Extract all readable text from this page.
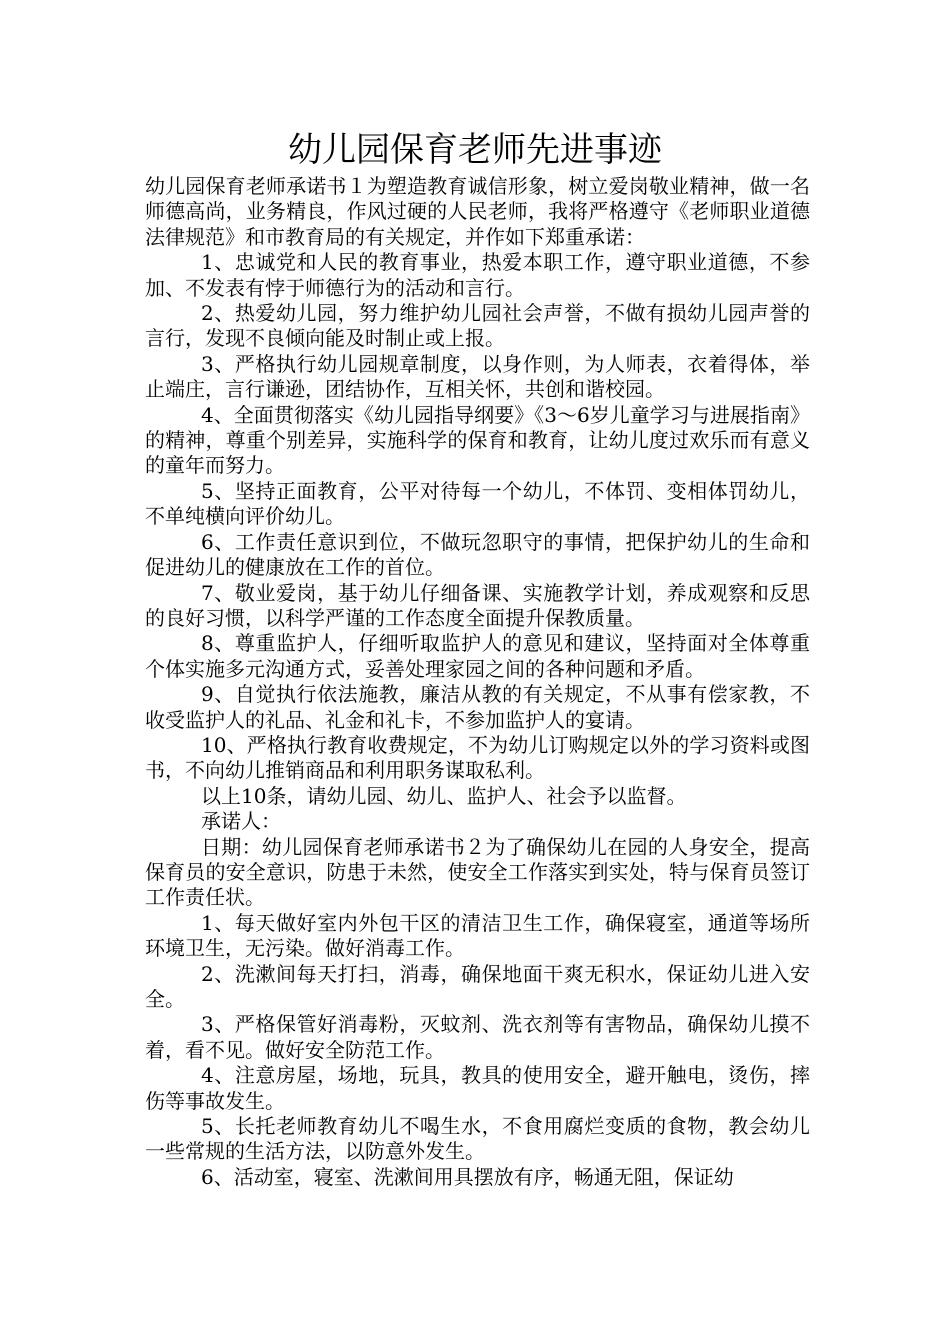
幼儿园保育老师先进事迹

幼儿园保育老师承诺书１为塑造教育诚信形象，树立爱岗敬业精神，做一名师德高尚，业务精良，作风过硬的人民老师，我将严格遵守《老师职业道德法律规范》和市教育局的有关规定，并作如下郑重承诺：

1、忠诚党和人民的教育事业，热爱本职工作，遵守职业道德，不参加、不发表有悖于师德行为的活动和言行。

2、热爱幼儿园，努力维护幼儿园社会声誉，不做有损幼儿园声誉的言行，发现不良倾向能及时制止或上报。

3、严格执行幼儿园规章制度，以身作则，为人师表，衣着得体，举止端庄，言行谦逊，团结协作，互相关怀，共创和谐校园。

4、全面贯彻落实《幼儿园指导纲要》《3～6岁儿童学习与进展指南》的精神，尊重个别差异，实施科学的保育和教育，让幼儿度过欢乐而有意义的童年而努力。

5、坚持正面教育，公平对待每一个幼儿，不体罚、变相体罚幼儿，不单纯横向评价幼儿。

6、工作责任意识到位，不做玩忽职守的事情，把保护幼儿的生命和促进幼儿的健康放在工作的首位。

7、敬业爱岗，基于幼儿仔细备课、实施教学计划，养成观察和反思的良好习惯，以科学严谨的工作态度全面提升保教质量。

8、尊重监护人，仔细听取监护人的意见和建议，坚持面对全体尊重个体实施多元沟通方式，妥善处理家园之间的各种问题和矛盾。

9、自觉执行依法施教，廉洁从教的有关规定，不从事有偿家教，不收受监护人的礼品、礼金和礼卡，不参加监护人的宴请。

10、严格执行教育收费规定，不为幼儿订购规定以外的学习资料或图书，不向幼儿推销商品和利用职务谋取私利。

以上10条，请幼儿园、幼儿、监护人、社会予以监督。

承诺人：

日期：幼儿园保育老师承诺书２为了确保幼儿在园的人身安全，提高保育员的安全意识，防患于未然，使安全工作落实到实处，特与保育员签订工作责任状。

1、每天做好室内外包干区的清洁卫生工作，确保寝室，通道等场所环境卫生，无污染。做好消毒工作。

2、洗漱间每天打扫，消毒，确保地面干爽无积水，保证幼儿进入安全。

3、严格保管好消毒粉，灭蚊剂、洗衣剂等有害物品，确保幼儿摸不着，看不见。做好安全防范工作。

4、注意房屋，场地，玩具，教具的使用安全，避开触电，烫伤，摔伤等事故发生。

5、长托老师教育幼儿不喝生水，不食用腐烂变质的食物，教会幼儿一些常规的生活方法，以防意外发生。

6、活动室，寝室、洗漱间用具摆放有序，畅通无阻，保证幼
